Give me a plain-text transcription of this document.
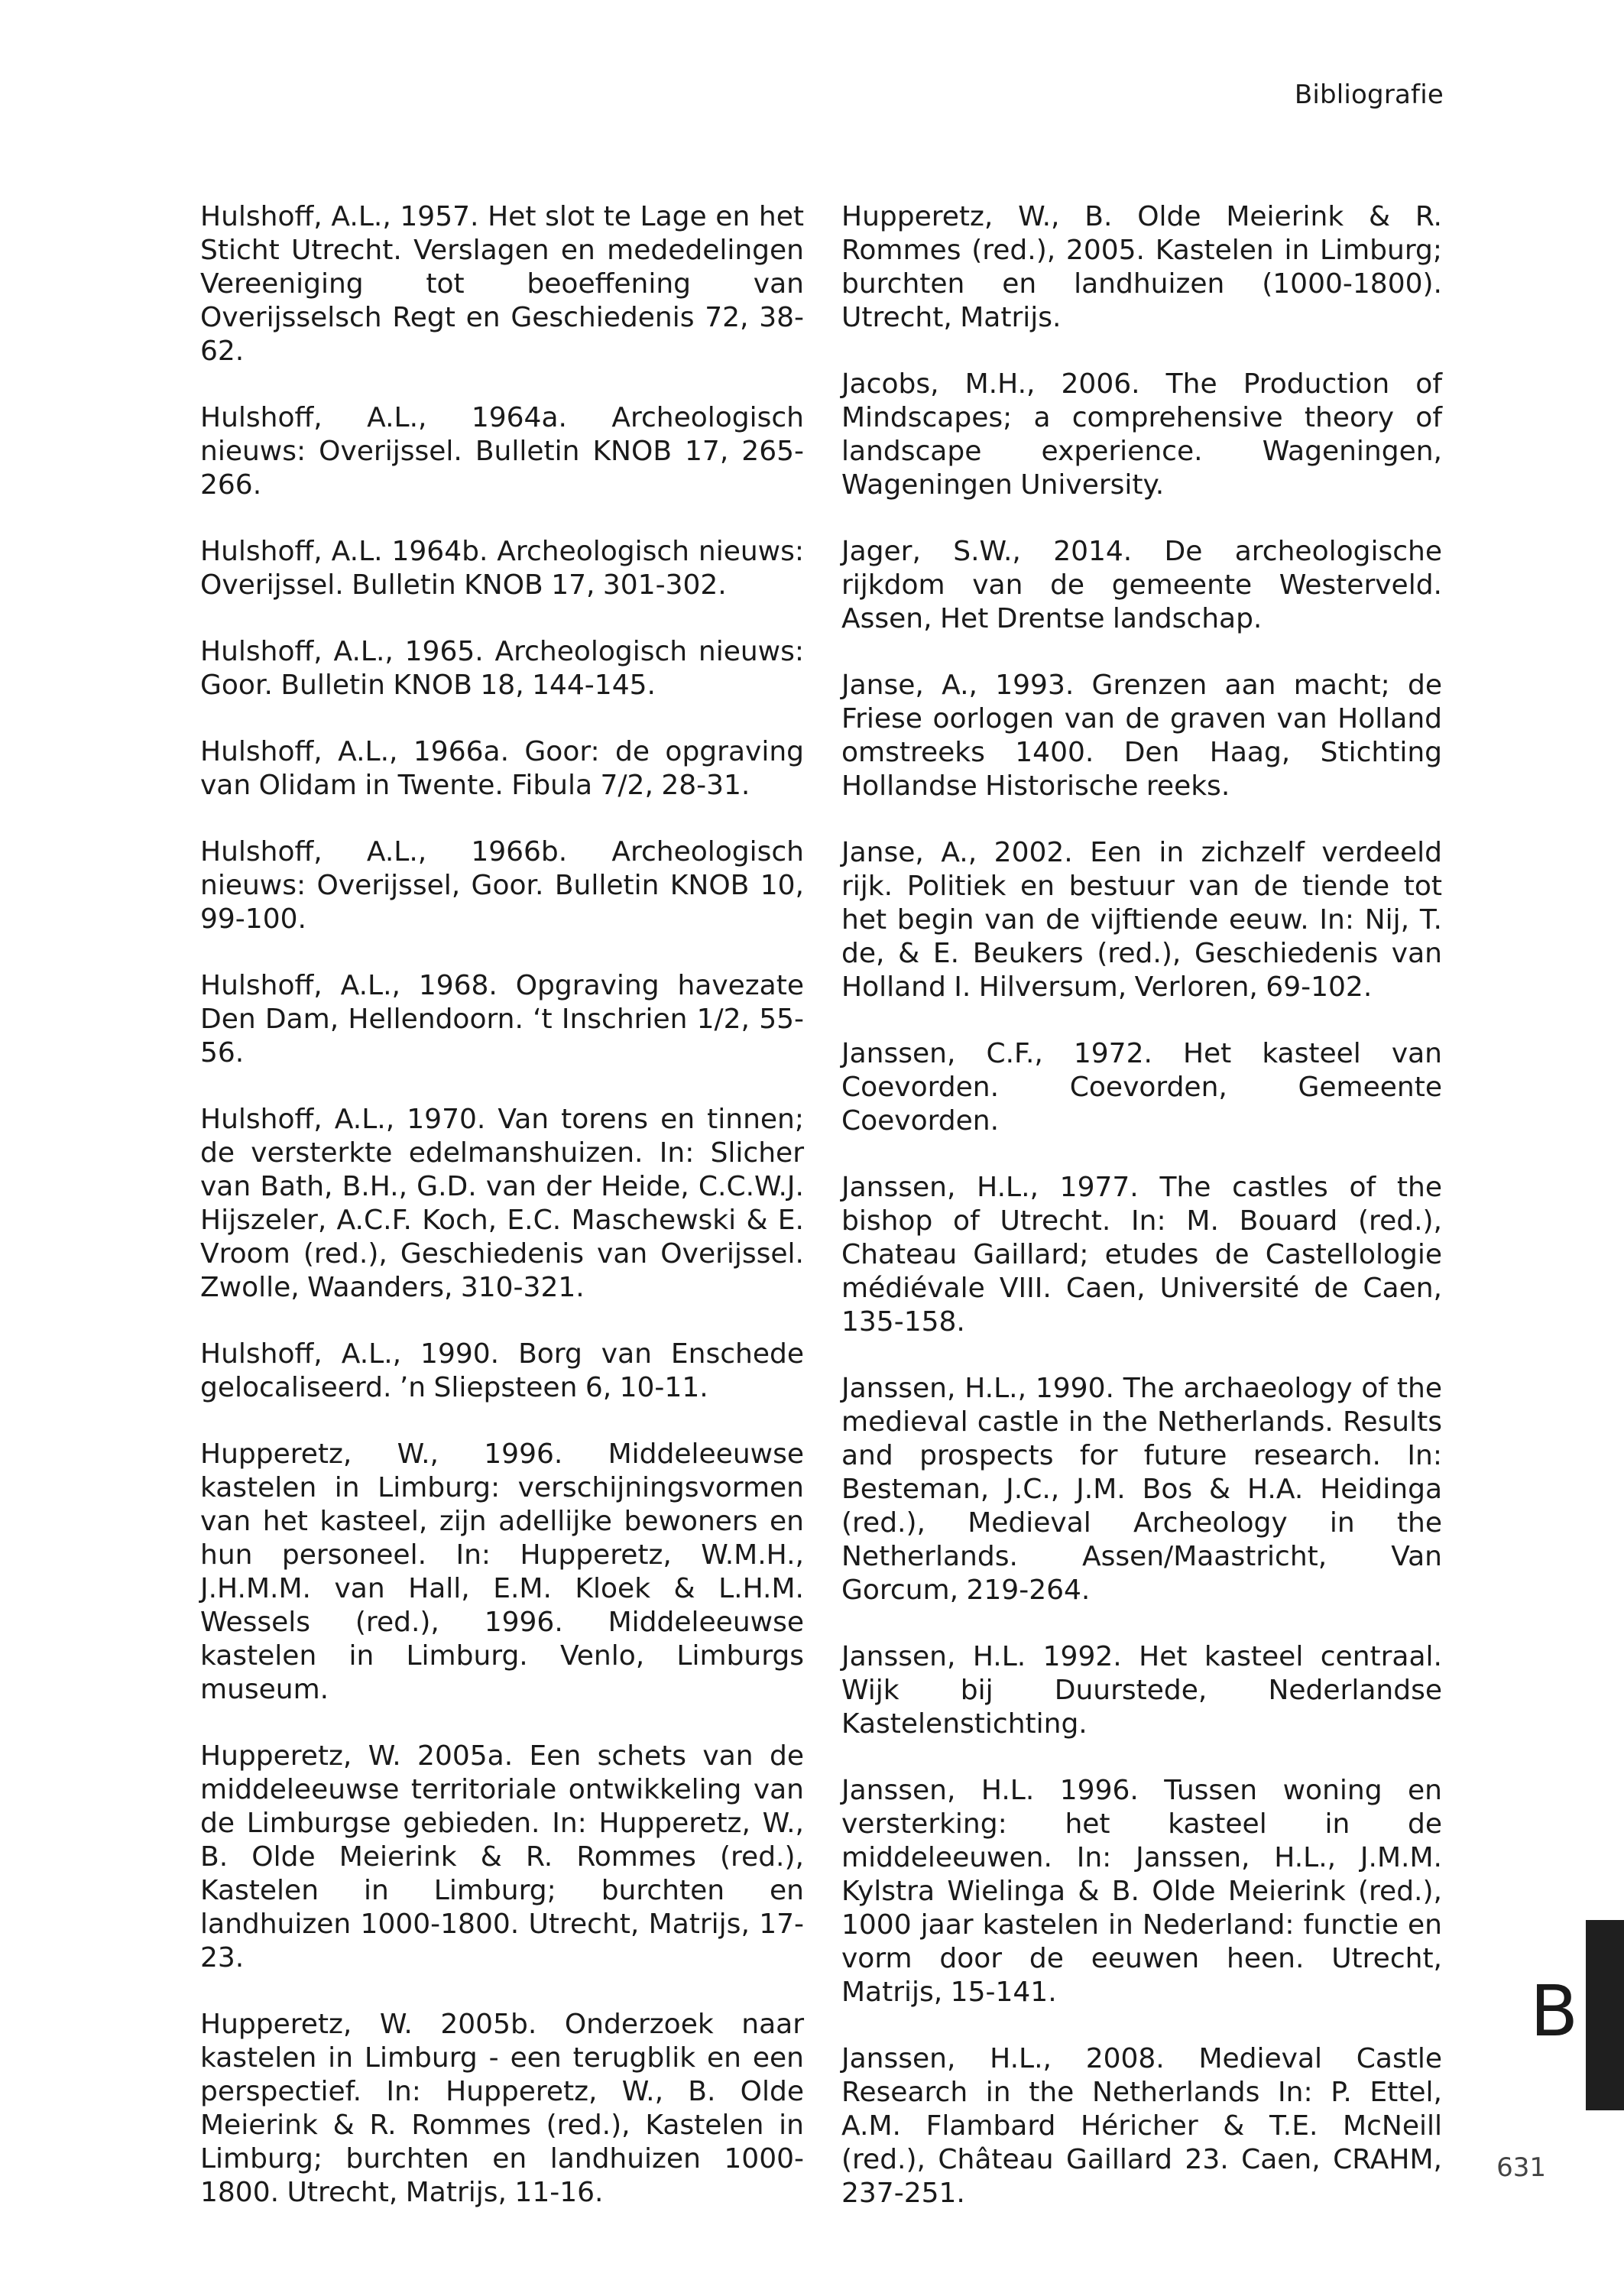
Bibliografie

Hulshoff, A.L., 1957. Het slot te Lage en het Sticht Utrecht. Verslagen en mededelingen Vereeniging tot beoeffening van Overijsselsch Regt en Geschiedenis 72, 38-62.

Hulshoff, A.L., 1964a. Archeologisch nieuws: Overijssel. Bulletin KNOB 17, 265-266.

Hulshoff, A.L. 1964b. Archeologisch nieuws: Overijssel. Bulletin KNOB 17, 301-302.

Hulshoff, A.L., 1965. Archeologisch nieuws: Goor. Bulletin KNOB 18, 144-145.

Hulshoff, A.L., 1966a. Goor: de opgraving van Olidam in Twente. Fibula 7/2, 28-31.

Hulshoff, A.L., 1966b. Archeologisch nieuws: Overijssel, Goor. Bulletin KNOB 10, 99-100.

Hulshoff, A.L., 1968. Opgraving havezate Den Dam, Hellendoorn. ‘t Inschrien 1/2, 55-56.

Hulshoff, A.L., 1970. Van torens en tinnen; de versterkte edelmanshuizen. In: Slicher van Bath, B.H., G.D. van der Heide, C.C.W.J. Hijszeler, A.C.F. Koch, E.C. Maschewski & E. Vroom (red.), Geschiedenis van Overijssel. Zwolle, Waanders, 310-321.

Hulshoff, A.L., 1990. Borg van Enschede gelocaliseerd. ’n Sliepsteen 6, 10-11.

Hupperetz, W., 1996. Middeleeuwse kastelen in Limburg: verschijningsvormen van het kasteel, zijn adellijke bewoners en hun personeel. In: Hupperetz, W.M.H., J.H.M.M. van Hall, E.M. Kloek & L.H.M. Wessels (red.), 1996. Middeleeuwse kastelen in Limburg. Venlo, Limburgs museum.

Hupperetz, W. 2005a. Een schets van de middeleeuwse territoriale ontwikkeling van de Limburgse gebieden. In: Hupperetz, W., B. Olde Meierink & R. Rommes (red.), Kastelen in Limburg; burchten en landhuizen 1000-1800. Utrecht, Matrijs, 17-23.

Hupperetz, W. 2005b. Onderzoek naar kastelen in Limburg - een terugblik en een perspectief. In: Hupperetz, W., B. Olde Meierink & R. Rommes (red.), Kastelen in Limburg; burchten en landhuizen 1000-1800. Utrecht, Matrijs, 11-16.

Hupperetz, W., B. Olde Meierink & R. Rommes (red.), 2005. Kastelen in Limburg; burchten en landhuizen (1000-1800). Utrecht, Matrijs.

Jacobs, M.H., 2006. The Production of Mindscapes; a comprehensive theory of landscape experience. Wageningen, Wageningen University.

Jager, S.W., 2014. De archeologische rijkdom van de gemeente Westerveld. Assen, Het Drentse landschap.

Janse, A., 1993. Grenzen aan macht; de Friese oorlogen van de graven van Holland omstreeks 1400. Den Haag, Stichting Hollandse Historische reeks.

Janse, A., 2002. Een in zichzelf verdeeld rijk. Politiek en bestuur van de tiende tot het begin van de vijftiende eeuw. In: Nij, T. de, & E. Beukers (red.), Geschiedenis van Holland I. Hilversum, Verloren, 69-102.

Janssen, C.F., 1972. Het kasteel van Coevorden. Coevorden, Gemeente Coevorden.

Janssen, H.L., 1977. The castles of the bishop of Utrecht. In: M. Bouard (red.), Chateau Gaillard; etudes de Castellologie médiévale VIII. Caen, Université de Caen, 135-158.

Janssen, H.L., 1990. The archaeology of the medieval castle in the Netherlands. Results and prospects for future research. In: Besteman, J.C., J.M. Bos & H.A. Heidinga (red.), Medieval Archeology in the Netherlands. Assen/Maastricht, Van Gorcum, 219-264.

Janssen, H.L. 1992. Het kasteel centraal. Wijk bij Duurstede, Nederlandse Kastelenstichting.

Janssen, H.L. 1996. Tussen woning en versterking: het kasteel in de middeleeuwen. In: Janssen, H.L., J.M.M. Kylstra Wielinga & B. Olde Meierink (red.), 1000 jaar kastelen in Nederland: functie en vorm door de eeuwen heen. Utrecht, Matrijs, 15-141.

Janssen, H.L., 2008. Medieval Castle Research in the Netherlands In: P. Ettel, A.M. Flambard Héricher & T.E. McNeill (red.), Château Gaillard 23. Caen, CRAHM, 237-251.

B
631
